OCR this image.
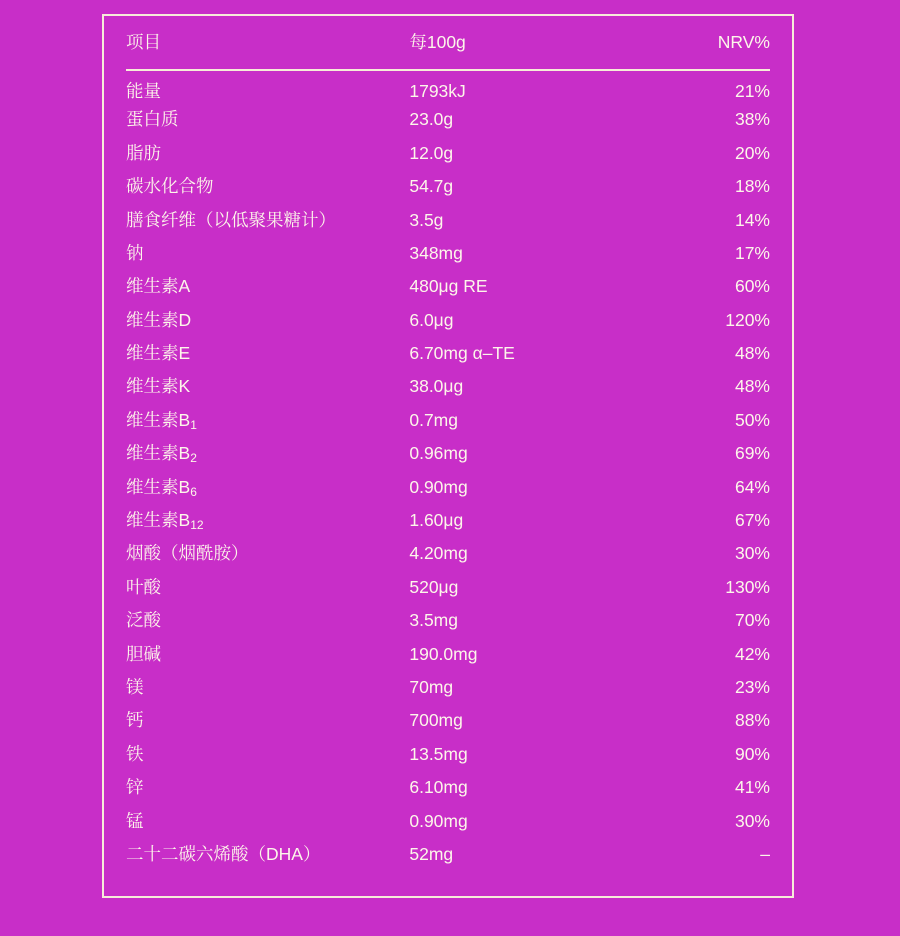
项目	每100g	NRV%
能量	1793kJ	21%
蛋白质	23.0g	38%
脂肪	12.0g	20%
碳水化合物	54.7g	18%
膳食纤维（以低聚果糖计）	3.5g	14%
钠	348mg	17%
维生素A	480μg RE	60%
维生素D	6.0μg	120%
维生素E	6.70mg α–TE	48%
维生素K	38.0μg	48%
维生素B1	0.7mg	50%
维生素B2	0.96mg	69%
维生素B6	0.90mg	64%
维生素B12	1.60μg	67%
烟酸（烟酰胺）	4.20mg	30%
叶酸	520μg	130%
泛酸	3.5mg	70%
胆碱	190.0mg	42%
镁	70mg	23%
钙	700mg	88%
铁	13.5mg	90%
锌	6.10mg	41%
锰	0.90mg	30%
二十二碳六烯酸（DHA）	52mg	–
